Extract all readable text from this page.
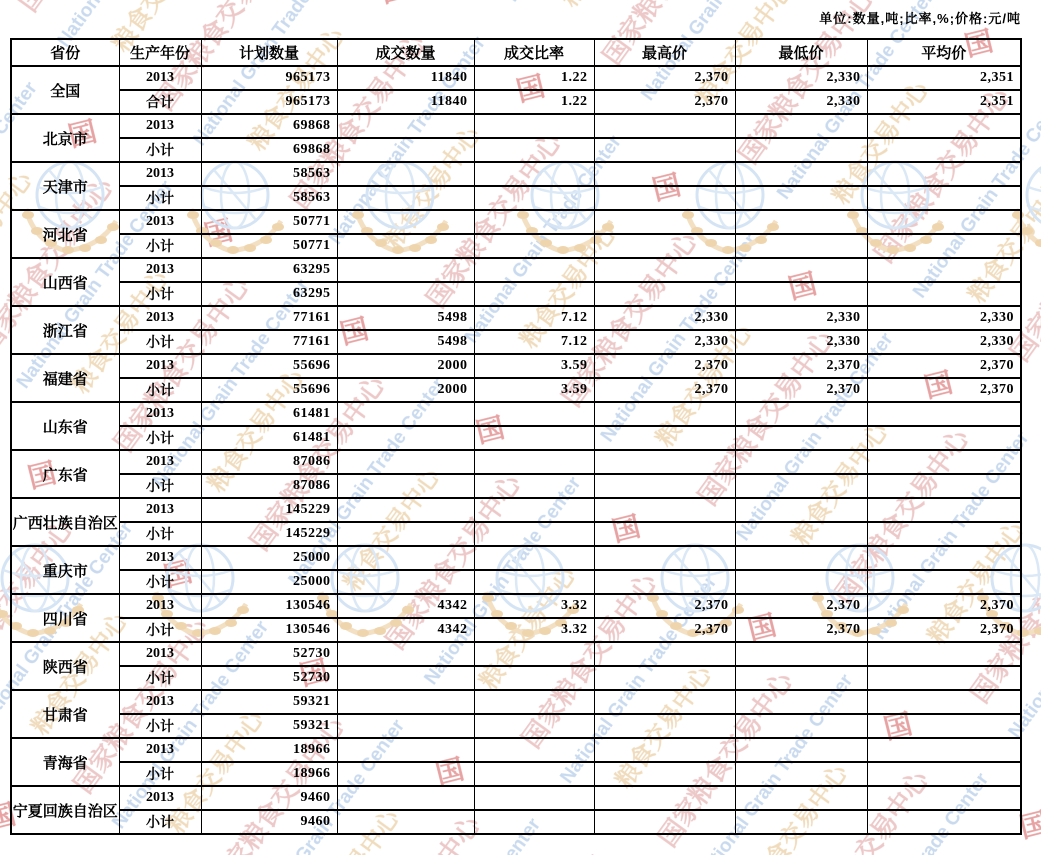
单位:数量,吨;比率,%;价格:元/吨
省份	生产年份	计划数量	成交数量	成交比率	最高价	最低价	平均价
全国	2013	965173	11840	1.22	2,370	2,330	2,351
	合计	965173	11840	1.22	2,370	2,330	2,351
北京市	2013	69868					
	小计	69868					
天津市	2013	58563					
	小计	58563					
河北省	2013	50771					
	小计	50771					
山西省	2013	63295					
	小计	63295					
浙江省	2013	77161	5498	7.12	2,330	2,330	2,330
	小计	77161	5498	7.12	2,330	2,330	2,330
福建省	2013	55696	2000	3.59	2,370	2,370	2,370
	小计	55696	2000	3.59	2,370	2,370	2,370
山东省	2013	61481					
	小计	61481					
广东省	2013	87086					
	小计	87086					
广西壮族自治区	2013	145229					
	小计	145229					
重庆市	2013	25000					
	小计	25000					
四川省	2013	130546	4342	3.32	2,370	2,370	2,370
	小计	130546	4342	3.32	2,370	2,370	2,370
陕西省	2013	52730					
	小计	52730					
甘肃省	2013	59321					
	小计	59321					
青海省	2013	18966					
	小计	18966					
宁夏回族自治区	2013	9460					
	小计	9460					
